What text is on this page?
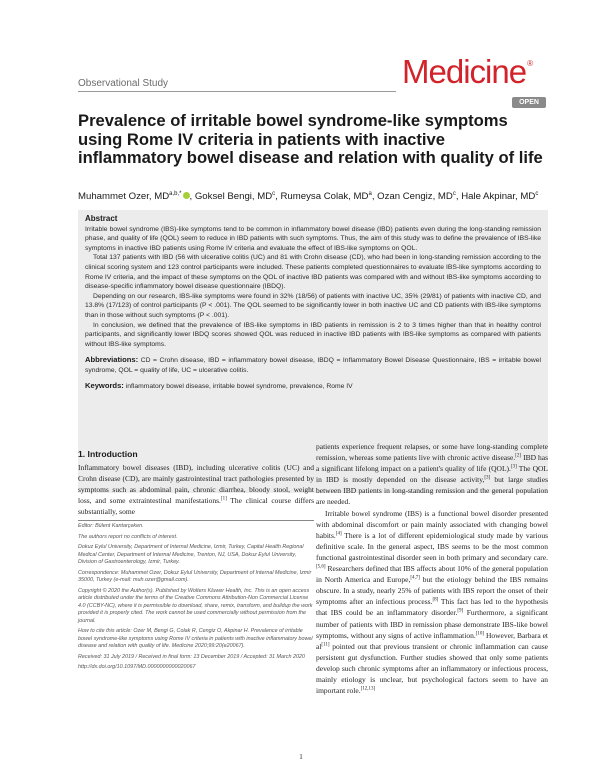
Observational Study	Medicine®
OPEN
Prevalence of irritable bowel syndrome-like symptoms using Rome IV criteria in patients with inactive inflammatory bowel disease and relation with quality of life
Muhammet Ozer, $MD^{a,b,*}$ , Goksel Bengi, $MD^c$, Rumeysa Colak, $MD^a$, Ozan Cengiz, $MD^c$, Hale Akpinar, $MD^c$
Abstract

Irritable bowel syndrome (IBS)-like symptoms tend to be common in inflammatory bowel disease (IBD) patients even during the long-standing remission phase, and quality of life (QOL) seem to reduce in IBD patients with such symptoms. Thus, the aim of this study was to define the prevalence of IBS-like symptoms in inactive IBD patients using Rome IV criteria and evaluate the effect of IBS-like symptoms on QOL.

Total 137 patients with IBD (56 with ulcerative colitis (UC) and 81 with Crohn disease (CD), who had been in long-standing remission according to the clinical scoring system and 123 control participants were included. These patients completed questionnaires to evaluate IBS-like symptoms according to Rome IV criteria, and the impact of these symptoms on the QOL of inactive IBD patients was compared with and without IBS-like symptoms according to disease-specific inflammatory bowel disease questionnaire (IBDQ).

Depending on our research, IBS-like symptoms were found in 32% (18/56) of patients with inactive UC, 35% (29/81) of patients with inactive CD, and 13.8% (17/123) of control participants (P < .001). The QOL seemed to be significantly lower in both inactive UC and CD patients with IBS-like symptoms than in those without such symptoms (P < .001).

In conclusion, we defined that the prevalence of IBS-like symptoms in IBD patients in remission is 2 to 3 times higher than that in healthy control participants, and significantly lower IBDQ scores showed QOL was reduced in inactive IBD patients with IBS-like symptoms as compared with patients without IBS-like symptoms.

Abbreviations: CD = Crohn disease, IBD = inflammatory bowel disease, IBDQ = Inflammatory Bowel Disease Questionnaire, IBS = irritable bowel syndrome, QOL = quality of life, UC = ulcerative colitis.

Keywords: inflammatory bowel disease, irritable bowel syndrome, prevalence, Rome IV

1. Introduction

Inflammatory bowel diseases (IBD), including ulcerative colitis (UC) and Crohn disease (CD), are mainly gastrointestinal tract pathologies presented by symptoms such as abdominal pain, chronic diarrhea, bloody stool, weight loss, and some extraintestinal manifestations.[1] The clinical course differs substantially, some

Editor: Bülent Kantarçeken.

The authors report no conflicts of interest.

Dokuz Eylul University, Department of Internal Medicine, Izmir, Turkey, Capital Health Regional Medical Center, Department of Internal Medicine, Trenton, NJ, USA, Dokuz Eylul University, Division of Gastroenterology, Izmir, Turkey.

Correspondence: Muhammet Ozer, Dokuz Eylul University, Department of Internal Medicine, Izmir 35000, Turkey (e-mail: muh.ozer@gmail.com).

Copyright © 2020 the Author(s). Published by Wolters Kluwer Health, Inc. This is an open access article distributed under the terms of the Creative Commons Attribution-Non Commercial License 4.0 (CCBY-NC), where it is permissible to download, share, remix, transform, and buildup the work provided it is properly cited. The work cannot be used commercially without permission from the journal.

How to cite this article: Ozer M, Bengi G, Colak R, Cengiz O, Akpinar H. Prevalence of irritable bowel syndrome-like symptoms using Rome IV criteria in patients with inactive inflammatory bowel disease and relation with quality of life. Medicine 2020;99:20(e20067).

Received: 31 July 2019 / Received in final form: 13 December 2019 / Accepted: 31 March 2020

http://dx.doi.org/10.1097/MD.0000000000020067

patients experience frequent relapses, or some have long-standing complete remission, whereas some patients live with chronic active disease.[2] IBD has a significant lifelong impact on a patient's quality of life (QOL).[3] The QOL in IBD is mostly depended on the disease activity,[3] but large studies between IBD patients in long-standing remission and the general population are needed.

Irritable bowel syndrome (IBS) is a functional bowel disorder presented with abdominal discomfort or pain mainly associated with changing bowel habits.[4] There is a lot of different epidemiological study made by various definitive scale. In the general aspect, IBS seems to be the most common functional gastrointestinal disorder seen in both primary and secondary care.[5,6] Researchers defined that IBS affects about 10% of the general population in North America and Europe,[4,7] but the etiology behind the IBS remains obscure. In a study, nearly 25% of patients with IBS report the onset of their symptoms after an infectious process.[8] This fact has led to the hypothesis that IBS could be an inflammatory disorder.[9] Furthermore, a significant number of patients with IBD in remission phase demonstrate IBS-like bowel symptoms, without any signs of active inflammation.[10] However, Barbara et al[11] pointed out that previous transient or chronic inflammation can cause persistent gut dysfunction. Further studies showed that only some patients develop such chronic symptoms after an inflammatory or infectious process, mainly etiology is unclear, but psychological factors seem to have an important role.[12,13]

1
